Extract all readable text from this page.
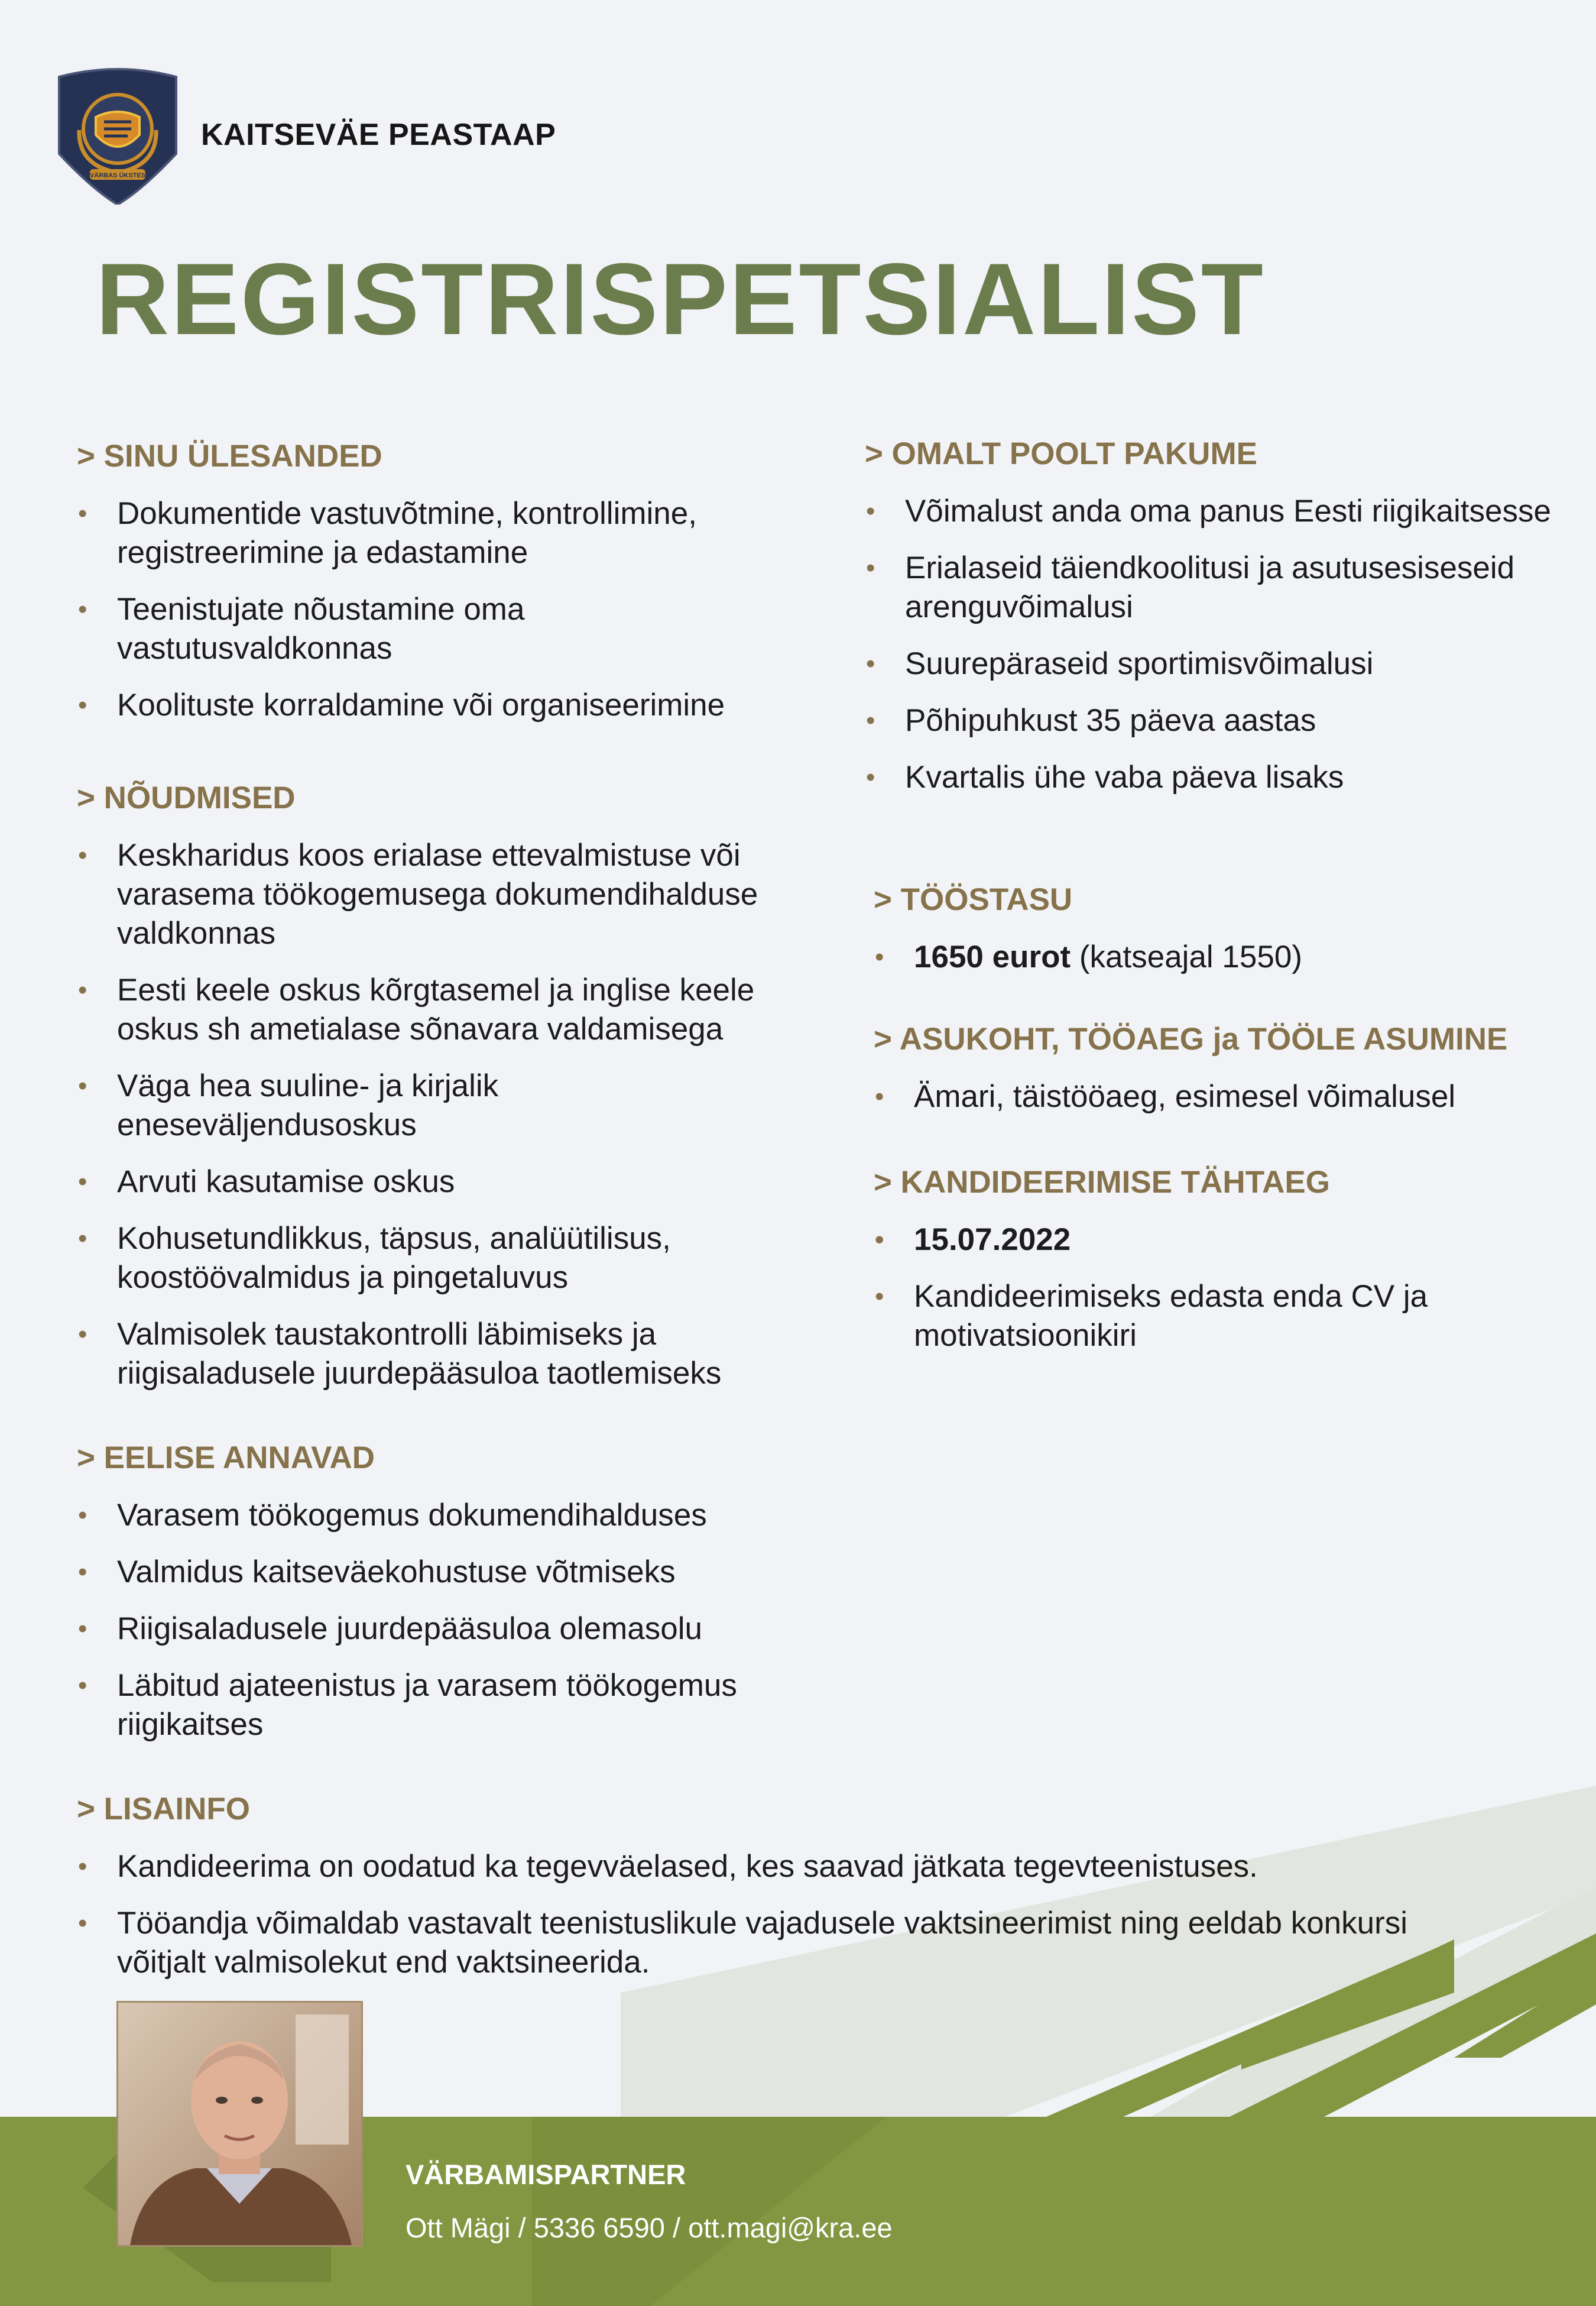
VÄRBAS ÜKSTES
KAITSEVÄE PEASTAAP
REGISTRISPETSIALIST
> SINU ÜLESANDED
• Dokumentide vastuvõtmine, kontrollimine, registreerimine ja edastamine
• Teenistujate nõustamine oma vastutusvaldkonnas
• Koolituste korraldamine või organiseerimine
> NÕUDMISED
• Keskharidus koos erialase ettevalmistuse või varasema töökogemusega dokumendihalduse valdkonnas
• Eesti keele oskus kõrgtasemel ja inglise keele oskus sh ametialase sõnavara valdamisega
• Väga hea suuline- ja kirjalik eneseväljendusoskus
• Arvuti kasutamise oskus
• Kohusetundlikkus, täpsus, analüütilisus, koostöövalmidus ja pingetaluvus
• Valmisolek taustakontrolli läbimiseks ja riigisaladusele juurdepääsuloa taotlemiseks
> EELISE ANNAVAD
• Varasem töökogemus dokumendihalduses
• Valmidus kaitseväekohustuse võtmiseks
• Riigisaladusele juurdepääsuloa olemasolu
• Läbitud ajateenistus ja varasem töökogemus riigikaitses
> OMALT POOLT PAKUME
• Võimalust anda oma panus Eesti riigikaitsesse
• Erialaseid täiendkoolitusi ja asutusesiseseid arenguvõimalusi
• Suurepäraseid sportimisvõimalusi
• Põhipuhkust 35 päeva aastas
• Kvartalis ühe vaba päeva lisaks
> TÖÖSTASU
• 1650 eurot (katseajal 1550)
> ASUKOHT, TÖÖAEG ja TÖÖLE ASUMINE
• Ämari, täistööaeg, esimesel võimalusel
> KANDIDEERIMISE TÄHTAEG
• 15.07.2022
• Kandideerimiseks edasta enda CV ja motivatsioonikiri
> LISAINFO
• Kandideerima on oodatud ka tegevväelased, kes saavad jätkata tegevteenistuses.
• Tööandja võimaldab vastavalt teenistuslikule vajadusele vaktsineerimist ning eeldab konkursi võitjalt valmisolekut end vaktsineerida.
VÄRBAMISPARTNER
Ott Mägi / 5336 6590 / ott.magi@kra.ee
